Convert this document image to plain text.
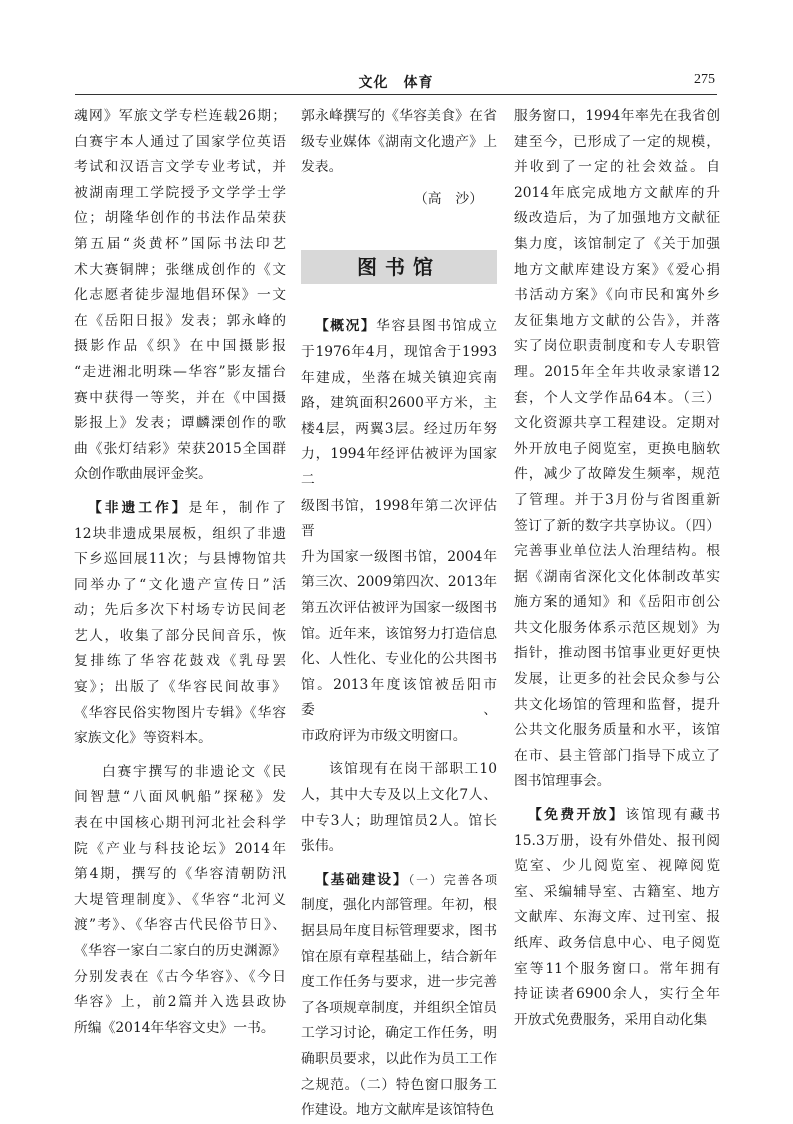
文化　体育	275

魂网》军旅文学专栏连载26期；

白赛宇本人通过了国家学位英语

考试和汉语言文学专业考试，并

被湖南理工学院授予文学学士学

位；胡隆华创作的书法作品荣获

第五届“炎黄杯”国际书法印艺

术大赛铜牌；张继成创作的《文

化志愿者徒步湿地倡环保》一文

在《岳阳日报》发表；郭永峰的

摄影作品《织》在中国摄影报

“走进湘北明珠—华容”影友擂台

赛中获得一等奖，并在《中国摄

影报上》发表；谭麟溧创作的歌

曲《张灯结彩》荣获2015全国群

众创作歌曲展评金奖。

【非遗工作】是年，制作了

12块非遗成果展板，组织了非遗

下乡巡回展11次；与县博物馆共

同举办了“文化遗产宣传日”活

动；先后多次下村场专访民间老

艺人，收集了部分民间音乐，恢

复排练了华容花鼓戏《乳母罢

宴》；出版了《华容民间故事》

《华容民俗实物图片专辑》《华容

家族文化》等资料本。

白赛宇撰写的非遗论文《民

间智慧“八面风帆船”探秘》发

表在中国核心期刊河北社会科学

院《产业与科技论坛》2014年

第4期，撰写的《华容清朝防汛

大堤管理制度》、《华容“北河义

渡”考》、《华容古代民俗节日》、

《华容一家白二家白的历史渊源》

分别发表在《古今华容》、《今日

华容》上，前2篇并入选县政协

所编《2014年华容文史》一书。

郭永峰撰写的《华容美食》在省

级专业媒体《湖南文化遗产》上

发表。

（高　沙）

图书馆

【概况】华容县图书馆成立

于1976年4月，现馆舍于1993

年建成，坐落在城关镇迎宾南

路，建筑面积2600平方米，主

楼4层，两翼3层。经过历年努

力，1994年经评估被评为国家二

级图书馆，1998年第二次评估晋

升为国家一级图书馆，2004年

第三次、2009第四次、2013年

第五次评估被评为国家一级图书

馆。近年来，该馆努力打造信息

化、人性化、专业化的公共图书

馆。2013年度该馆被岳阳市委、

市政府评为市级文明窗口。

该馆现有在岗干部职工10

人，其中大专及以上文化7人、

中专3人；助理馆员2人。馆长

张伟。

【基础建设】（一）完善各项

制度，强化内部管理。年初，根

据县局年度目标管理要求，图书

馆在原有章程基础上，结合新年

度工作任务与要求，进一步完善

了各项规章制度，并组织全馆员

工学习讨论，确定工作任务，明

确职员要求，以此作为员工工作

之规范。（二）特色窗口服务工

作建设。地方文献库是该馆特色

服务窗口，1994年率先在我省创

建至今，已形成了一定的规模，

并收到了一定的社会效益。自

2014年底完成地方文献库的升

级改造后，为了加强地方文献征

集力度，该馆制定了《关于加强

地方文献库建设方案》《爱心捐

书活动方案》《向市民和寓外乡

友征集地方文献的公告》，并落

实了岗位职责制度和专人专职管

理。2015年全年共收录家谱12

套，个人文学作品64本。（三）

文化资源共享工程建设。定期对

外开放电子阅览室，更换电脑软

件，减少了故障发生频率，规范

了管理。并于3月份与省图重新

签订了新的数字共享协议。（四）

完善事业单位法人治理结构。根

据《湖南省深化文化体制改革实

施方案的通知》和《岳阳市创公

共文化服务体系示范区规划》为

指针，推动图书馆事业更好更快

发展，让更多的社会民众参与公

共文化场馆的管理和监督，提升

公共文化服务质量和水平，该馆

在市、县主管部门指导下成立了

图书馆理事会。

【免费开放】该馆现有藏书

15.3万册，设有外借处、报刊阅

览室、少儿阅览室、视障阅览

室、采编辅导室、古籍室、地方

文献库、东海文库、过刊室、报

纸库、政务信息中心、电子阅览

室等11个服务窗口。常年拥有

持证读者6900余人，实行全年

开放式免费服务，采用自动化集
